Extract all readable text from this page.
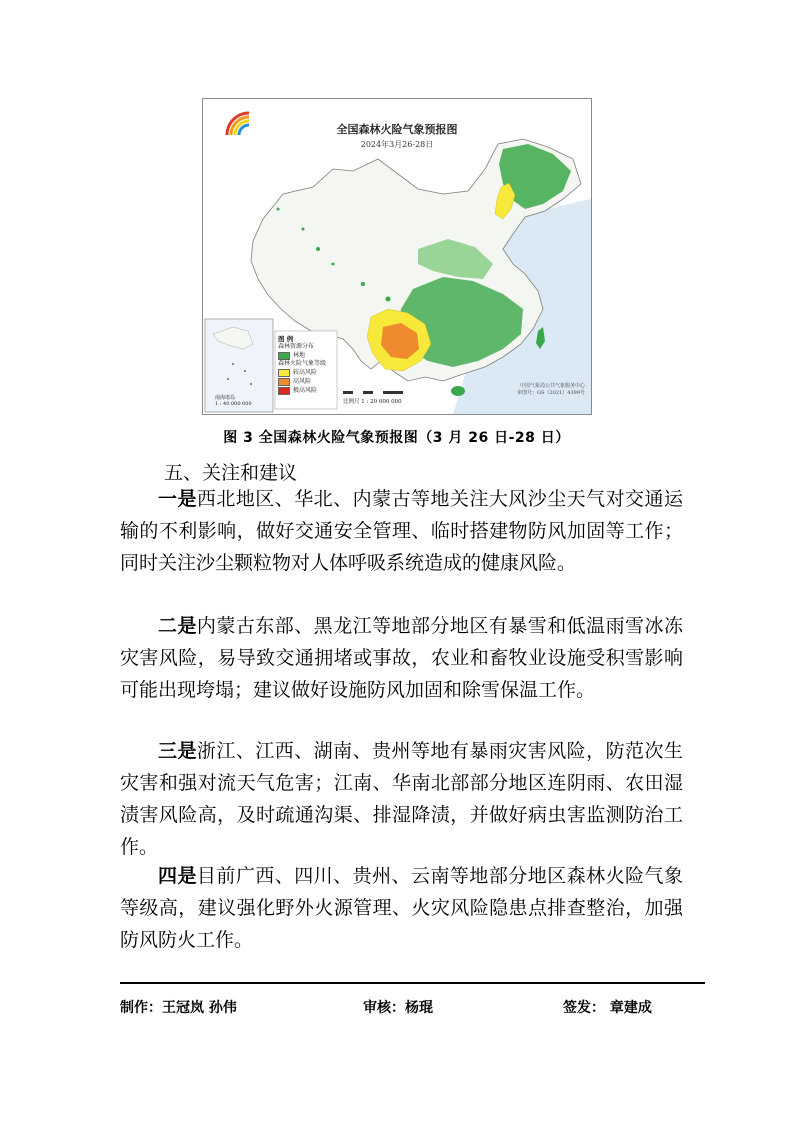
全国森林火险气象预报图
2024年3月26-28日
图 例
森林资源分布
林地
森林火险气象等级
较高风险
高风险
极高风险
南海诸岛
1 : 40 000 000	比例尺 1 : 20 000 000
中国气象局公共气象服务中心
审图号：GS（2021）4399号
图 3 全国森林火险气象预报图（3 月 26 日-28 日）
五、关注和建议

一是西北地区、华北、内蒙古等地关注大风沙尘天气对交通运输的不利影响，做好交通安全管理、临时搭建物防风加固等工作；同时关注沙尘颗粒物对人体呼吸系统造成的健康风险。

二是内蒙古东部、黑龙江等地部分地区有暴雪和低温雨雪冰冻灾害风险，易导致交通拥堵或事故，农业和畜牧业设施受积雪影响可能出现垮塌；建议做好设施防风加固和除雪保温工作。

三是浙江、江西、湖南、贵州等地有暴雨灾害风险，防范次生灾害和强对流天气危害；江南、华南北部部分地区连阴雨、农田湿渍害风险高，及时疏通沟渠、排湿降渍，并做好病虫害监测防治工作。

四是目前广西、四川、贵州、云南等地部分地区森林火险气象等级高，建议强化野外火源管理、火灾风险隐患点排查整治，加强防风防火工作。

制作：王冠岚 孙伟	审核：杨琨	签发： 章建成
